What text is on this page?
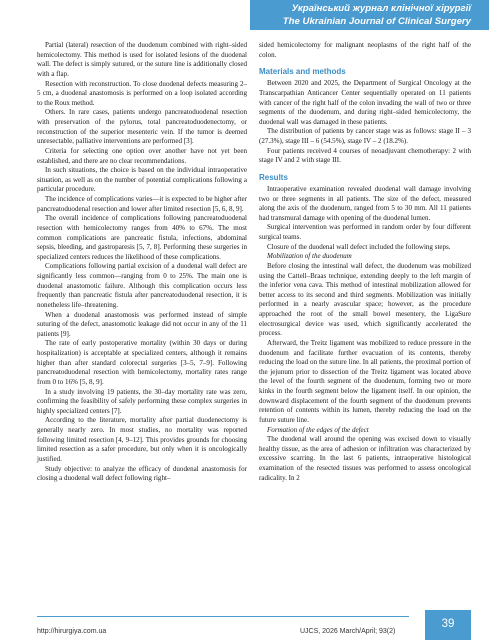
Український журнал клінічної хірургії
The Ukrainian Journal of Clinical Surgery

Partial (lateral) resection of the duodenum combined with right–sided hemicolectomy. This method is used for isolated lesions of the duodenal wall. The defect is simply sutured, or the suture line is additionally closed with a flap.

Resection with reconstruction. To close duodenal defects measuring 2–5 cm, a duodenal anastomosis is performed on a loop isolated according to the Roux method.

Others. In rare cases, patients undergo pancreatoduodenal resection with preservation of the pylorus, total pancreatoduodenectomy, or reconstruction of the superior mesenteric vein. If the tumor is deemed unresectable, palliative interventions are performed [3].

Criteria for selecting one option over another have not yet been established, and there are no clear recommendations.

In such situations, the choice is based on the individual intraoperative situation, as well as on the number of potential complications following a particular procedure.

The incidence of complications varies—it is expected to be higher after pancreatoduodenal resection and lower after limited resection [5, 6, 8, 9].

The overall incidence of complications following pancreatoduodenal resection with hemicolectomy ranges from 40% to 67%. The most common complications are pancreatic fistula, infections, abdominal sepsis, bleeding, and gastroparesis [5, 7, 8]. Performing these surgeries in specialized centers reduces the likelihood of these complications.

Complications following partial excision of a duodenal wall defect are significantly less common—ranging from 0 to 25%. The main one is duodenal anastomotic failure. Although this complication occurs less frequently than pancreatic fistula after pancreatoduodenal resection, it is nonetheless life–threatening.

When a duodenal anastomosis was performed instead of simple suturing of the defect, anastomotic leakage did not occur in any of the 11 patients [9].

The rate of early postoperative mortality (within 30 days or during hospitalization) is acceptable at specialized centers, although it remains higher than after standard colorectal surgeries [3–5, 7–9]. Following pancreatoduodenal resection with hemicolectomy, mortality rates range from 0 to 16% [5, 8, 9].

In a study involving 19 patients, the 30–day mortality rate was zero, confirming the feasibility of safely performing these complex surgeries in highly specialized centers [7].

According to the literature, mortality after partial duodenectomy is generally nearly zero. In most studies, no mortality was reported following limited resection [4, 9–12]. This provides grounds for choosing limited resection as a safer procedure, but only when it is oncologically justified.

Study objective: to analyze the efficacy of duodenal anastomosis for closing a duodenal wall defect following right–

sided hemicolectomy for malignant neoplasms of the right half of the colon.

Materials and methods

Between 2020 and 2025, the Department of Surgical Oncology at the Transcarpathian Anticancer Center sequentially operated on 11 patients with cancer of the right half of the colon invading the wall of two or three segments of the duodenum, and during right–sided hemicolectomy, the duodenal wall was damaged in these patients.

The distribution of patients by cancer stage was as follows: stage II – 3 (27.3%), stage III – 6 (54.5%), stage IV – 2 (18.2%).

Four patients received 4 courses of neoadjuvant chemotherapy: 2 with stage IV and 2 with stage III.

Results

Intraoperative examination revealed duodenal wall damage involving two or three segments in all patients. The size of the defect, measured along the axis of the duodenum, ranged from 5 to 30 mm. All 11 patients had transmural damage with opening of the duodenal lumen.

Surgical intervention was performed in random order by four different surgical teams.

Closure of the duodenal wall defect included the following steps.

Mobilization of the duodenum

Before closing the intestinal wall defect, the duodenum was mobilized using the Cattell–Braas technique, extending deeply to the left margin of the inferior vena cava. This method of intestinal mobilization allowed for better access to its second and third segments. Mobilization was initially performed in a nearly avascular space; however, as the procedure approached the root of the small bowel mesentery, the LigaSure electrosurgical device was used, which significantly accelerated the process.

Afterward, the Treitz ligament was mobilized to reduce pressure in the duodenum and facilitate further evacuation of its contents, thereby reducing the load on the suture line. In all patients, the proximal portion of the jejunum prior to dissection of the Treitz ligament was located above the level of the fourth segment of the duodenum, forming two or more kinks in the fourth segment below the ligament itself. In our opinion, the downward displacement of the fourth segment of the duodenum prevents retention of contents within its lumen, thereby reducing the load on the future suture line.

Formation of the edges of the defect

The duodenal wall around the opening was excised down to visually healthy tissue, as the area of adhesion or infiltration was characterized by excessive scarring. In the last 6 patients, intraoperative histological examination of the resected tissues was performed to assess oncological radicality. In 2

http://hirurgiya.com.ua	UJCS, 2026 March/April; 93(2)
39
